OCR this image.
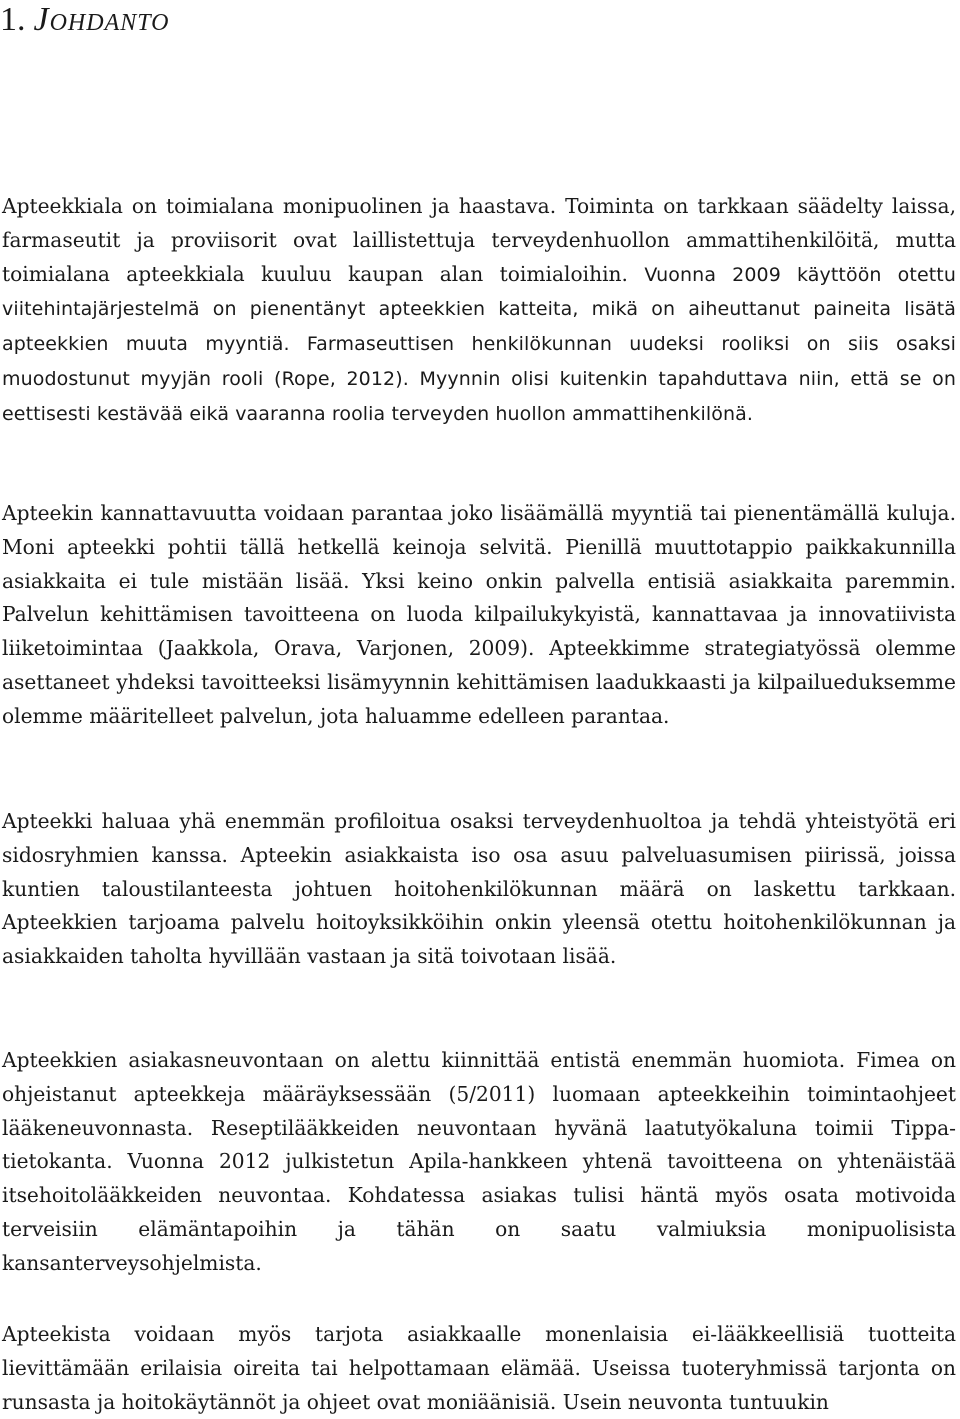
1. Johdanto

Apteekkiala on toimialana monipuolinen ja haastava. Toiminta on tarkkaan säädelty laissa, farmaseutit ja proviisorit ovat laillistettuja terveydenhuollon ammattihenkilöitä, mutta toimialana apteekkiala kuuluu kaupan alan toimialoihin. Vuonna 2009 käyttöön otettu viitehintajärjestelmä on pienentänyt apteekkien katteita, mikä on aiheuttanut paineita lisätä apteekkien muuta myyntiä. Farmaseuttisen henkilökunnan uudeksi rooliksi on siis osaksi muodostunut myyjän rooli (Rope, 2012). Myynnin olisi kuitenkin tapahduttava niin, että se on eettisesti kestävää eikä vaaranna roolia terveyden huollon ammattihenkilönä.

Apteekin kannattavuutta voidaan parantaa joko lisäämällä myyntiä tai pienentämällä kuluja. Moni apteekki pohtii tällä hetkellä keinoja selvitä. Pienillä muuttotappio paikkakunnilla asiakkaita ei tule mistään lisää. Yksi keino onkin palvella entisiä asiakkaita paremmin. Palvelun kehittämisen tavoitteena on luoda kilpailukykyistä, kannattavaa ja innovatiivista liiketoimintaa (Jaakkola, Orava, Varjonen, 2009). Apteekkimme strategiatyössä olemme asettaneet yhdeksi tavoitteeksi lisämyynnin kehittämisen laadukkaasti ja kilpailueduksemme olemme määritelleet palvelun, jota haluamme edelleen parantaa.

Apteekki haluaa yhä enemmän profiloitua osaksi terveydenhuoltoa ja tehdä yhteistyötä eri sidosryhmien kanssa. Apteekin asiakkaista iso osa asuu palveluasumisen piirissä, joissa kuntien taloustilanteesta johtuen hoitohenkilökunnan määrä on laskettu tarkkaan. Apteekkien tarjoama palvelu hoitoyksikköihin onkin yleensä otettu hoitohenkilökunnan ja asiakkaiden taholta hyvillään vastaan ja sitä toivotaan lisää.

Apteekkien asiakasneuvontaan on alettu kiinnittää entistä enemmän huomiota. Fimea on ohjeistanut apteekkeja määräyksessään (5/2011) luomaan apteekkeihin toimintaohjeet lääkeneuvonnasta. Reseptilääkkeiden neuvontaan hyvänä laatutyökaluna toimii Tippa-tietokanta. Vuonna 2012 julkistetun Apila-hankkeen yhtenä tavoitteena on yhtenäistää itsehoitolääkkeiden neuvontaa. Kohdatessa asiakas tulisi häntä myös osata motivoida terveisiin elämäntapoihin ja tähän on saatu valmiuksia monipuolisista kansanterveysohjelmista.

Apteekista voidaan myös tarjota asiakkaalle monenlaisia ei-lääkkeellisiä tuotteita lievittämään erilaisia oireita tai helpottamaan elämää. Useissa tuoteryhmissä tarjonta on runsasta ja hoitokäytännöt ja ohjeet ovat moniäänisiä. Usein neuvonta tuntuukin
